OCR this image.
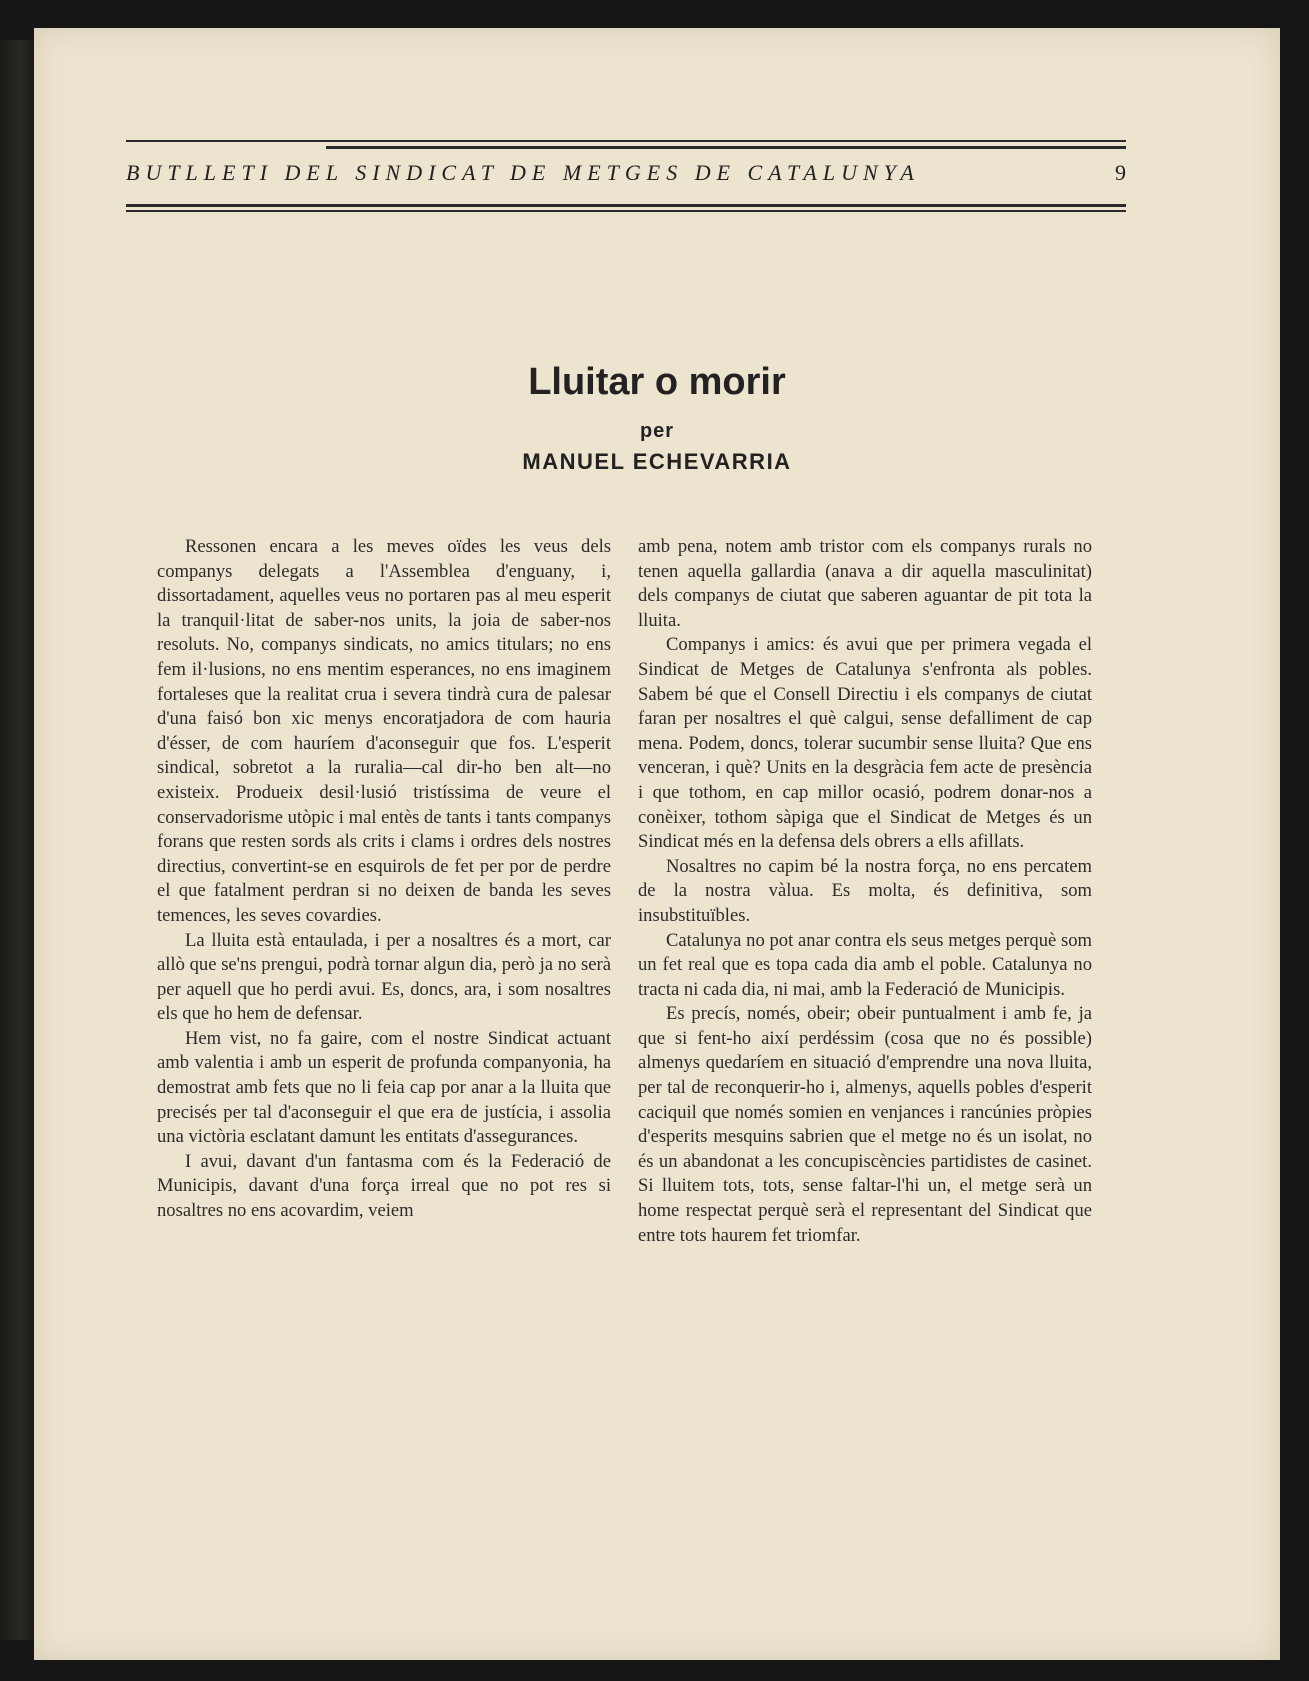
BUTLLETI DEL SINDICAT DE METGES DE CATALUNYA	9
Lluitar o morir
per
MANUEL ECHEVARRIA

Ressonen encara a les meves oïdes les veus dels companys delegats a l'Assemblea d'enguany, i, dissortadament, aquelles veus no portaren pas al meu esperit la tranquil·litat de saber-nos units, la joia de saber-nos resoluts. No, companys sindicats, no amics titulars; no ens fem il·lusions, no ens mentim esperances, no ens imaginem fortaleses que la realitat crua i severa tindrà cura de palesar d'una faisó bon xic menys encoratjadora de com hauria d'ésser, de com hauríem d'aconseguir que fos. L'esperit sindical, sobretot a la ruralia—cal dir-ho ben alt—no existeix. Produeix desil·lusió tristíssima de veure el conservadorisme utòpic i mal entès de tants i tants companys forans que resten sords als crits i clams i ordres dels nostres directius, convertint-se en esquirols de fet per por de perdre el que fatalment perdran si no deixen de banda les seves temences, les seves covardies.

La lluita està entaulada, i per a nosaltres és a mort, car allò que se'ns prengui, podrà tornar algun dia, però ja no serà per aquell que ho perdi avui. Es, doncs, ara, i som nosaltres els que ho hem de defensar.

Hem vist, no fa gaire, com el nostre Sindicat actuant amb valentia i amb un esperit de profunda companyonia, ha demostrat amb fets que no li feia cap por anar a la lluita que precisés per tal d'aconseguir el que era de justícia, i assolia una victòria esclatant damunt les entitats d'assegurances.

I avui, davant d'un fantasma com és la Federació de Municipis, davant d'una força irreal que no pot res si nosaltres no ens acovardim, veiem

amb pena, notem amb tristor com els companys rurals no tenen aquella gallardia (anava a dir aquella masculinitat) dels companys de ciutat que saberen aguantar de pit tota la lluita.

Companys i amics: és avui que per primera vegada el Sindicat de Metges de Catalunya s'enfronta als pobles. Sabem bé que el Consell Directiu i els companys de ciutat faran per nosaltres el què calgui, sense defalliment de cap mena. Podem, doncs, tolerar sucumbir sense lluita? Que ens venceran, i què? Units en la desgràcia fem acte de presència i que tothom, en cap millor ocasió, podrem donar-nos a conèixer, tothom sàpiga que el Sindicat de Metges és un Sindicat més en la defensa dels obrers a ells afillats.

Nosaltres no capim bé la nostra força, no ens percatem de la nostra vàlua. Es molta, és definitiva, som insubstituïbles.

Catalunya no pot anar contra els seus metges perquè som un fet real que es topa cada dia amb el poble. Catalunya no tracta ni cada dia, ni mai, amb la Federació de Municipis.

Es precís, només, obeir; obeir puntualment i amb fe, ja que si fent-ho així perdéssim (cosa que no és possible) almenys quedaríem en situació d'emprendre una nova lluita, per tal de reconquerir-ho i, almenys, aquells pobles d'esperit caciquil que només somien en venjances i rancúnies pròpies d'esperits mesquins sabrien que el metge no és un isolat, no és un abandonat a les concupiscències partidistes de casinet. Si lluitem tots, tots, sense faltar-l'hi un, el metge serà un home respectat perquè serà el representant del Sindicat que entre tots haurem fet triomfar.
